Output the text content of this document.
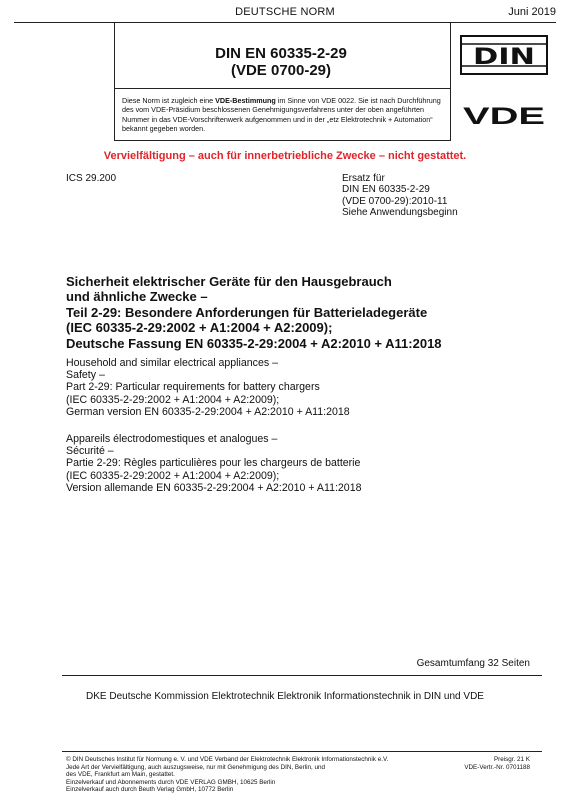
DEUTSCHE NORM	Juni 2019
DIN EN 60335-2-29
(VDE 0700-29)
Diese Norm ist zugleich eine VDE-Bestimmung im Sinne von VDE 0022. Sie ist nach Durchführung des vom VDE-Präsidium beschlossenen Genehmigungsverfahrens unter der oben angeführten Nummer in das VDE-Vorschriftenwerk aufgenommen und in der „etz Elektrotechnik + Automation“ bekannt gegeben worden.
DIN
VDE
Vervielfältigung – auch für innerbetriebliche Zwecke – nicht gestattet.
ICS 29.200	Ersatz für
DIN EN 60335-2-29
(VDE 0700-29):2010-11
Siehe Anwendungsbeginn
Sicherheit elektrischer Geräte für den Hausgebrauch
und ähnliche Zwecke –
Teil 2-29: Besondere Anforderungen für Batterieladegeräte
(IEC 60335-2-29:2002 + A1:2004 + A2:2009);
Deutsche Fassung EN 60335-2-29:2004 + A2:2010 + A11:2018
Household and similar electrical appliances –
Safety –
Part 2-29: Particular requirements for battery chargers
(IEC 60335-2-29:2002 + A1:2004 + A2:2009);
German version EN 60335-2-29:2004 + A2:2010 + A11:2018
Appareils électrodomestiques et analogues –
Sécurité –
Partie 2-29: Règles particulières pour les chargeurs de batterie
(IEC 60335-2-29:2002 + A1:2004 + A2:2009);
Version allemande EN 60335-2-29:2004 + A2:2010 + A11:2018
Gesamtumfang 32 Seiten
DKE Deutsche Kommission Elektrotechnik Elektronik Informationstechnik in DIN und VDE
© DIN Deutsches Institut für Normung e. V. und VDE Verband der Elektrotechnik Elektronik Informationstechnik e.V.
Jede Art der Vervielfältigung, auch auszugsweise, nur mit Genehmigung des DIN, Berlin, und
des VDE, Frankfurt am Main, gestattet.
Einzelverkauf und Abonnements durch VDE VERLAG GMBH, 10625 Berlin
Einzelverkauf auch durch Beuth Verlag GmbH, 10772 Berlin
Preisgr. 21 K
VDE-Vertr.-Nr. 0701188
